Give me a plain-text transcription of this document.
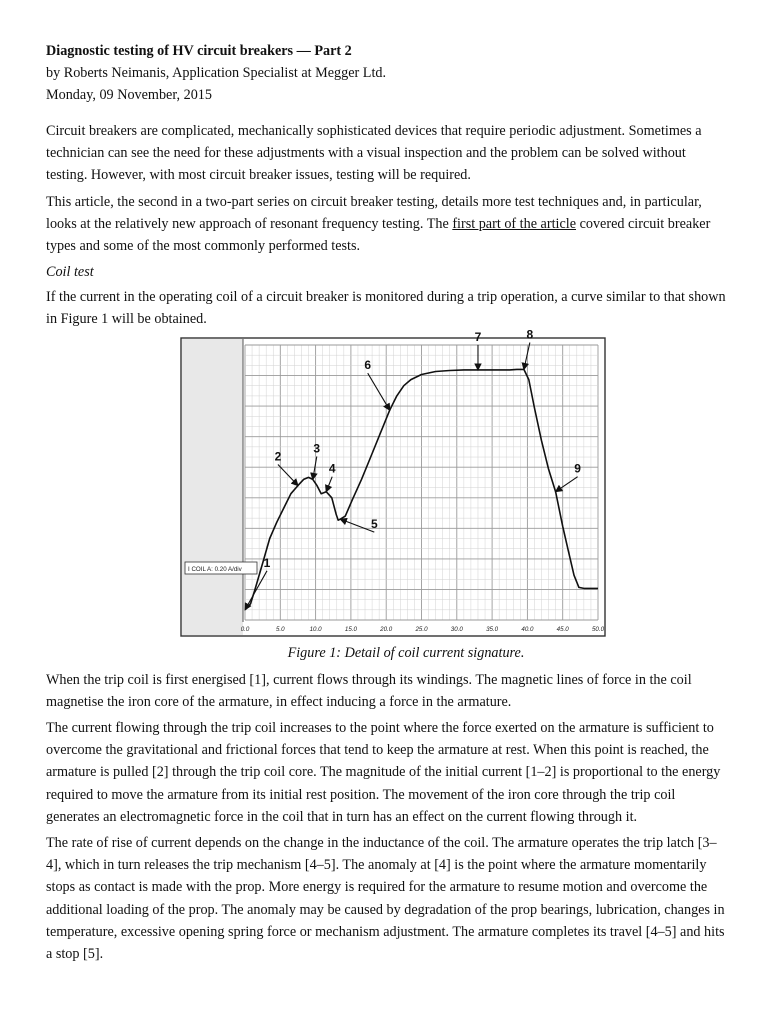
Diagnostic testing of HV circuit breakers — Part 2

by Roberts Neimanis, Application Specialist at Megger Ltd.

Monday, 09 November, 2015

Circuit breakers are complicated, mechanically sophisticated devices that require periodic adjustment. Sometimes a technician can see the need for these adjustments with a visual inspection and the problem can be solved without testing. However, with most circuit breaker issues, testing will be required.

This article, the second in a two-part series on circuit breaker testing, details more test techniques and, in particular, looks at the relatively new approach of resonant frequency testing. The first part of the article covered circuit breaker types and some of the most commonly performed tests.

Coil test

If the current in the operating coil of a circuit breaker is monitored during a trip operation, a curve similar to that shown in Figure 1 will be obtained.

I COIL A: 0.20 A/div
0.0	5.0	10.0	15.0	20.0	25.0	30.0	35.0	40.0	45.0	50.0
1
2
3
4
5
6
7	8
9

Figure 1: Detail of coil current signature.

When the trip coil is first energised [1], current flows through its windings. The magnetic lines of force in the coil magnetise the iron core of the armature, in effect inducing a force in the armature.

The current flowing through the trip coil increases to the point where the force exerted on the armature is sufficient to overcome the gravitational and frictional forces that tend to keep the armature at rest. When this point is reached, the armature is pulled [2] through the trip coil core. The magnitude of the initial current [1–2] is proportional to the energy required to move the armature from its initial rest position. The movement of the iron core through the trip coil generates an electromagnetic force in the coil that in turn has an effect on the current flowing through it.

The rate of rise of current depends on the change in the inductance of the coil. The armature operates the trip latch [3–4], which in turn releases the trip mechanism [4–5]. The anomaly at [4] is the point where the armature momentarily stops as contact is made with the prop. More energy is required for the armature to resume motion and overcome the additional loading of the prop. The anomaly may be caused by degradation of the prop bearings, lubrication, changes in temperature, excessive opening spring force or mechanism adjustment. The armature completes its travel [4–5] and hits a stop [5].
